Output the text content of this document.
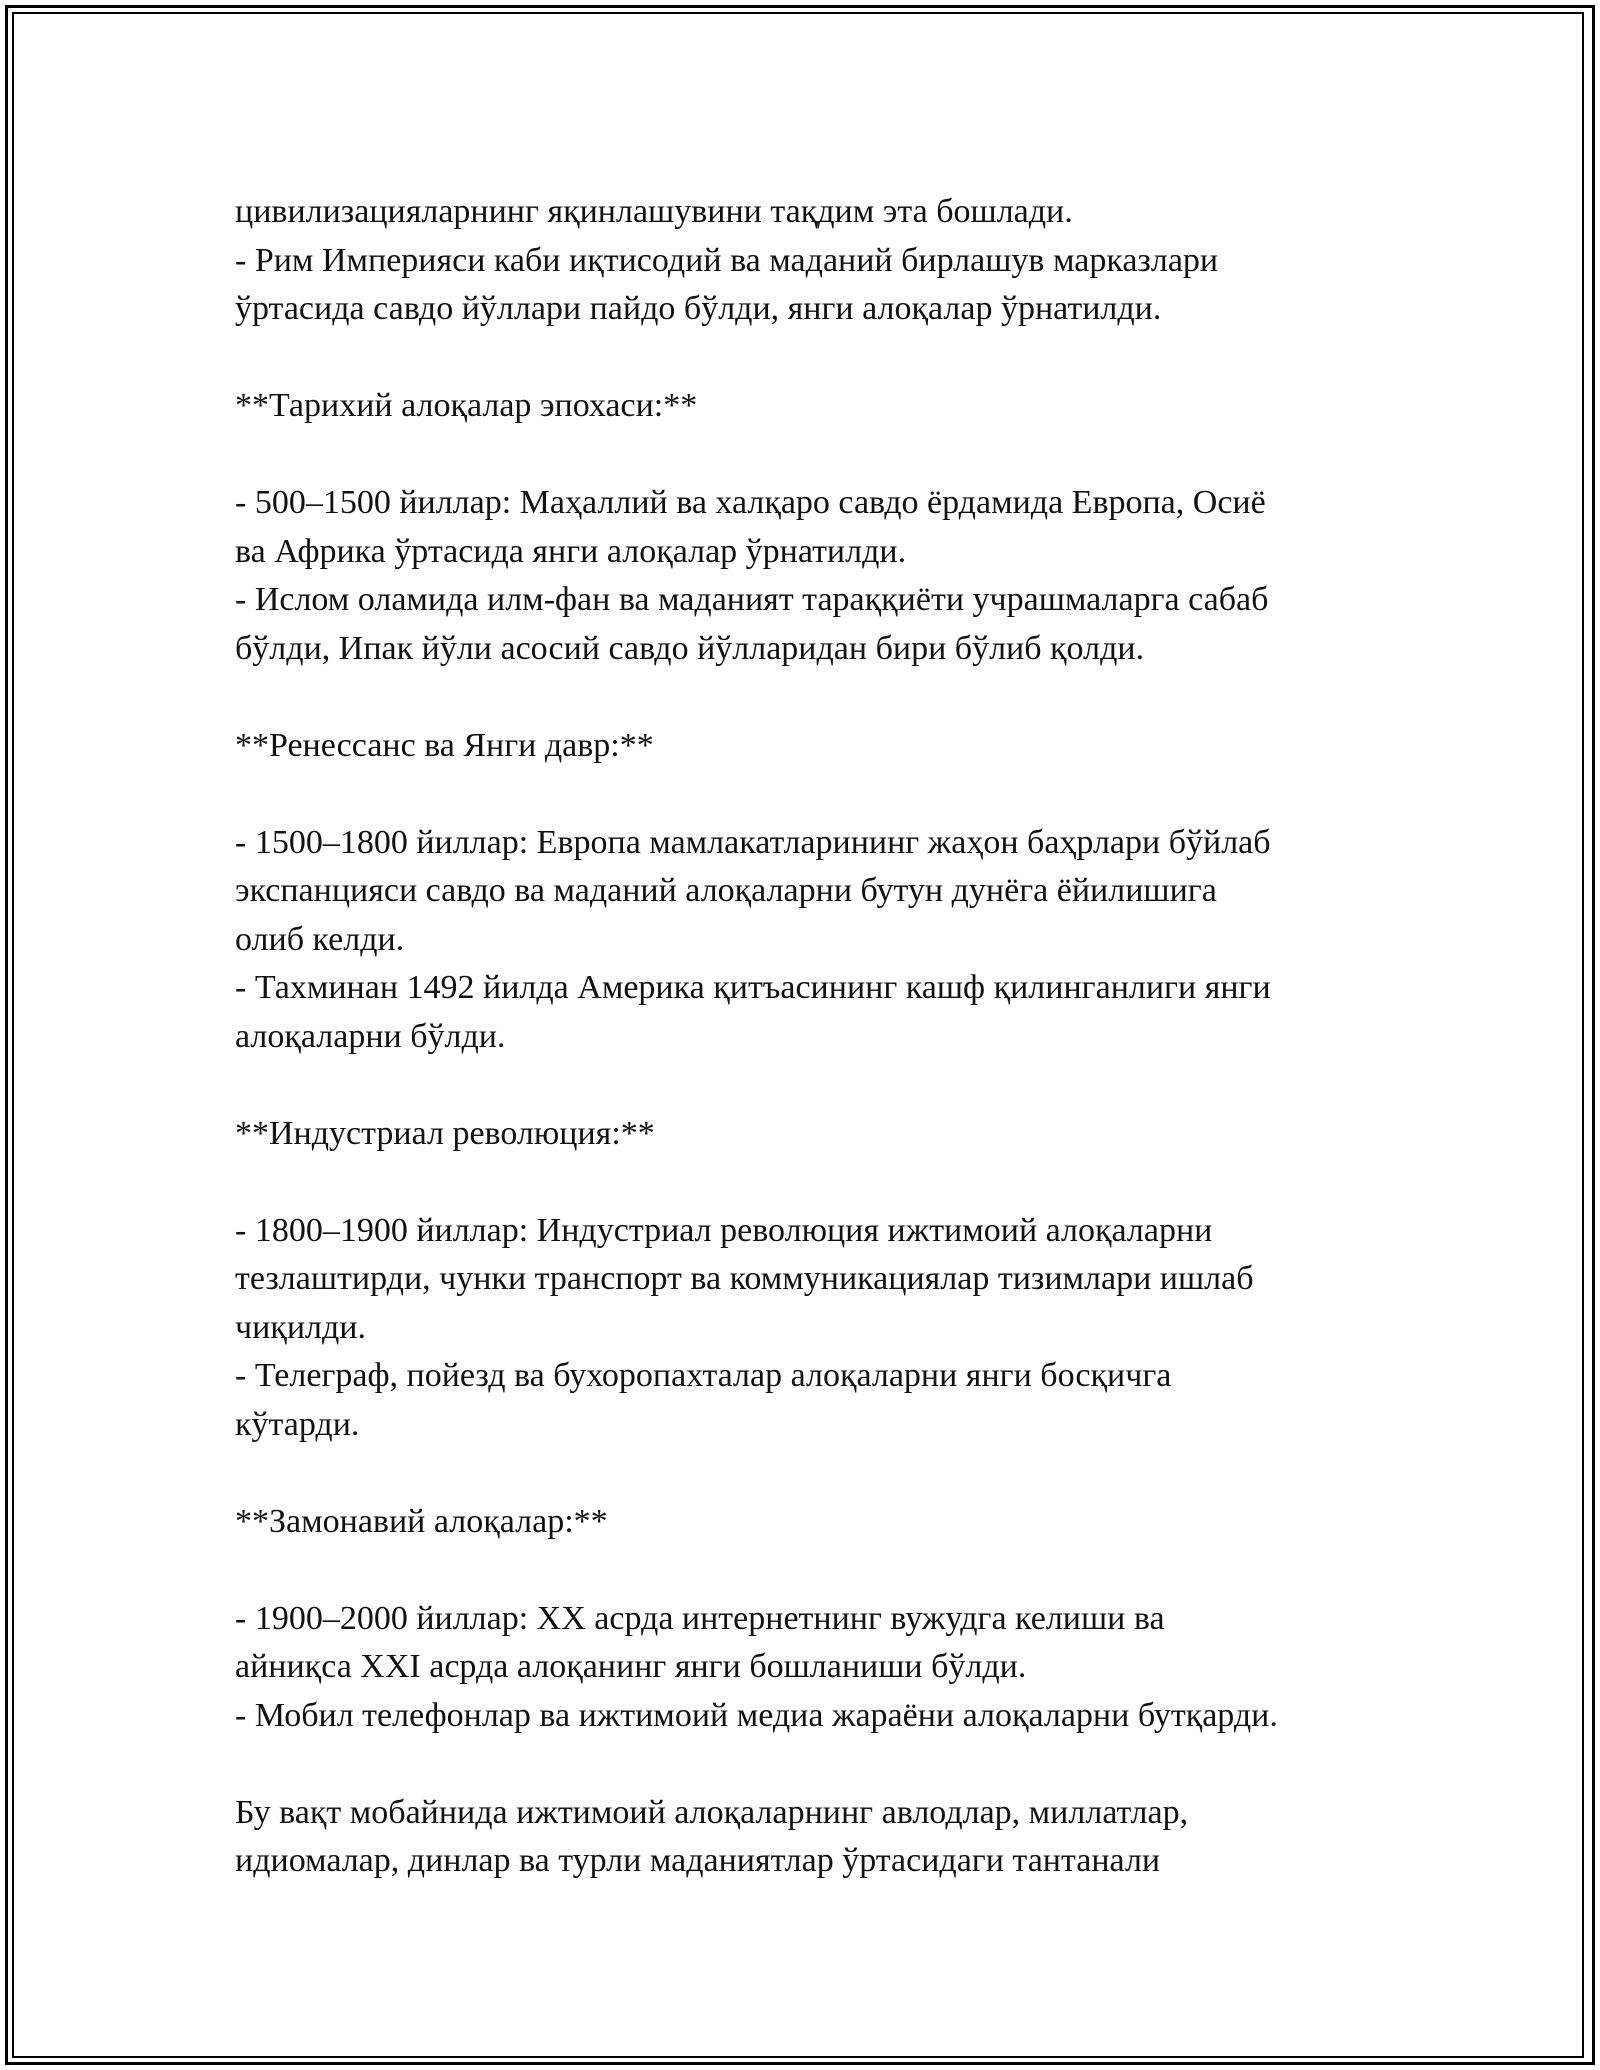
цивилизацияларнинг яқинлашувини тақдим эта бошлади.
- Рим Империяси каби иқтисодий ва маданий бирлашув марказлари
ўртасида савдо йўллари пайдо бўлди, янги алоқалар ўрнатилди.
**Тарихий алоқалар эпохаси:**
- 500–1500 йиллар: Маҳаллий ва халқаро савдо ёрдамида Европа, Осиё
ва Африка ўртасида янги алоқалар ўрнатилди.
- Ислом оламида илм-фан ва маданият тараққиёти учрашмаларга сабаб
бўлди, Ипак йўли асосий савдо йўлларидан бири бўлиб қолди.
**Ренессанс ва Янги давр:**
- 1500–1800 йиллар: Европа мамлакатларининг жаҳон баҳрлари бўйлаб
экспанцияси савдо ва маданий алоқаларни бутун дунёга ёйилишига
олиб келди.
- Тахминан 1492 йилда Америка қитъасининг кашф қилинганлиги янги
алоқаларни бўлди.
**Индустриал революция:**
- 1800–1900 йиллар: Индустриал революция ижтимоий алоқаларни
тезлаштирди, чунки транспорт ва коммуникациялар тизимлари ишлаб
чиқилди.
- Телеграф, пойезд ва бухоропахталар алоқаларни янги босқичга
кўтарди.
**Замонавий алоқалар:**
- 1900–2000 йиллар: XX асрда интернетнинг вужудга келиши ва
айниқса XXI асрда алоқанинг янги бошланиши бўлди.
- Мобил телефонлар ва ижтимоий медиа жараёни алоқаларни бутқарди.
Бу вақт мобайнида ижтимоий алоқаларнинг авлодлар, миллатлар,
идиомалар, динлар ва турли маданиятлар ўртасидаги тантанали
